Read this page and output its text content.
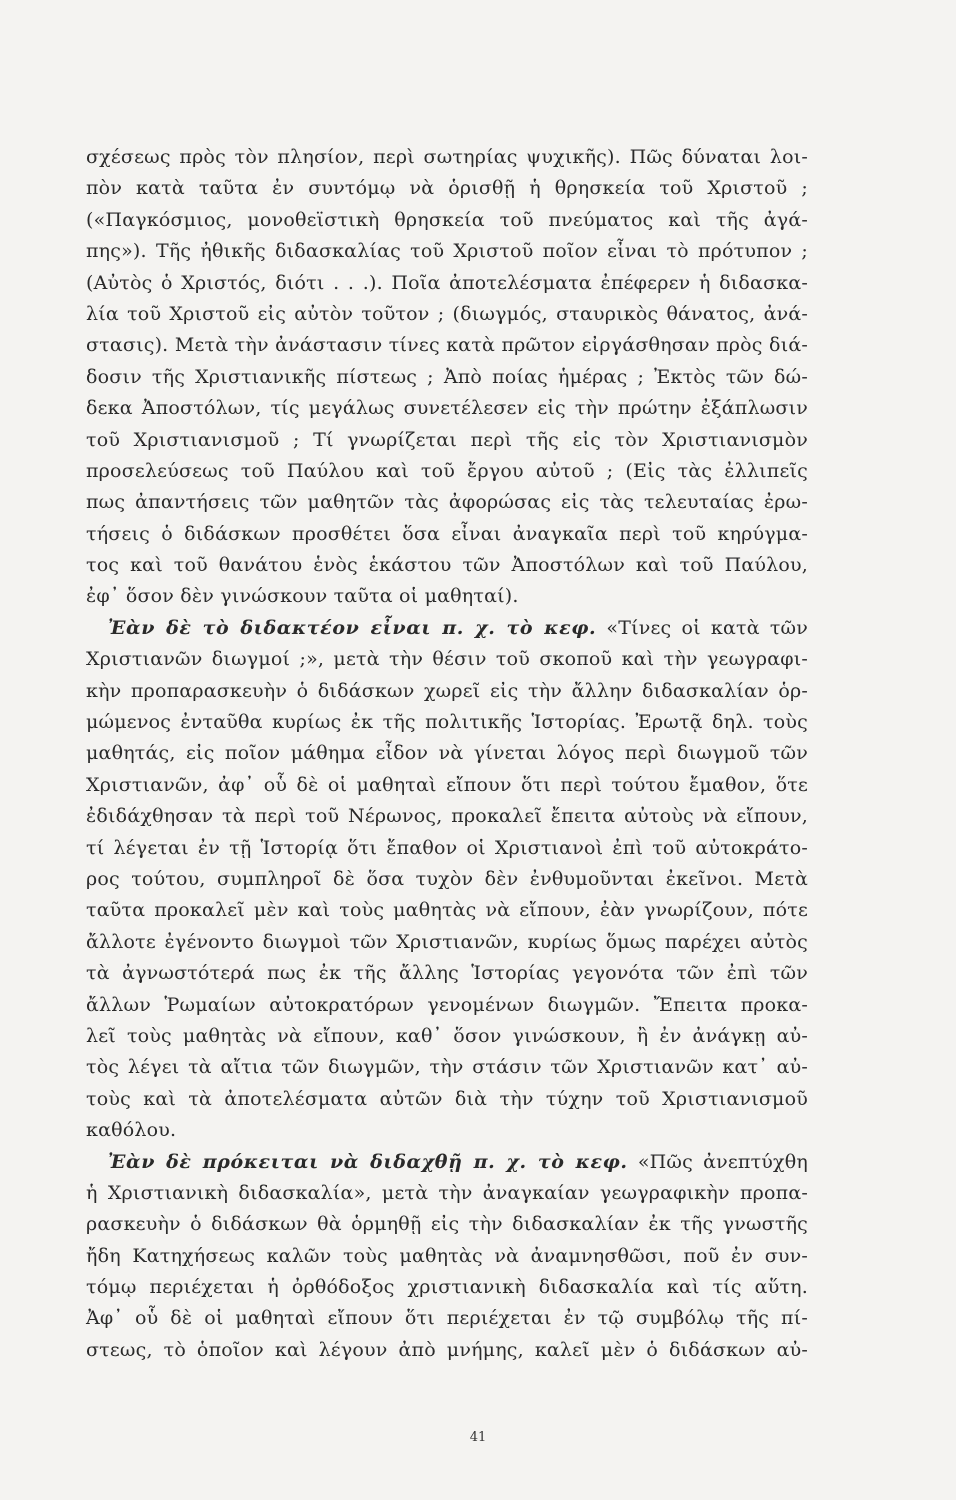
σχέσεως πρὸς τὸν πλησίον, περὶ σωτηρίας ψυχικῆς). Πῶς δύναται λοι-
πὸν κατὰ ταῦτα ἐν συντόμῳ νὰ ὁρισθῇ ἡ θρησκεία τοῦ Χριστοῦ ;
(«Παγκόσμιος, μονοθεϊστικὴ θρησκεία τοῦ πνεύματος καὶ τῆς ἀγά-
πης»). Τῆς ἠθικῆς διδασκαλίας τοῦ Χριστοῦ ποῖον εἶναι τὸ πρότυπον ;
(Αὐτὸς ὁ Χριστός, διότι . . .). Ποῖα ἀποτελέσματα ἐπέφερεν ἡ διδασκα-
λία τοῦ Χριστοῦ εἰς αὐτὸν τοῦτον ; (διωγμός, σταυρικὸς θάνατος, ἀνά-
στασις). Μετὰ τὴν ἀνάστασιν τίνες κατὰ πρῶτον εἰργάσθησαν πρὸς διά-
δοσιν τῆς Χριστιανικῆς πίστεως ; Ἀπὸ ποίας ἡμέρας ; Ἐκτὸς τῶν δώ-
δεκα Ἀποστόλων, τίς μεγάλως συνετέλεσεν εἰς τὴν πρώτην ἐξάπλωσιν
τοῦ Χριστιανισμοῦ ; Τί γνωρίζεται περὶ τῆς εἰς τὸν Χριστιανισμὸν
προσελεύσεως τοῦ Παύλου καὶ τοῦ ἔργου αὐτοῦ ; (Εἰς τὰς ἐλλιπεῖς
πως ἀπαντήσεις τῶν μαθητῶν τὰς ἀφορώσας εἰς τὰς τελευταίας ἐρω-
τήσεις ὁ διδάσκων προσθέτει ὅσα εἶναι ἀναγκαῖα περὶ τοῦ κηρύγμα-
τος καὶ τοῦ θανάτου ἑνὸς ἑκάστου τῶν Ἀποστόλων καὶ τοῦ Παύλου,
ἐφ᾽ ὅσον δὲν γινώσκουν ταῦτα οἱ μαθηταί).
Ἐὰν δὲ τὸ διδακτέον εἶναι π. χ. τὸ κεφ. «Τίνες οἱ κατὰ τῶν
Χριστιανῶν διωγμοί ;», μετὰ τὴν θέσιν τοῦ σκοποῦ καὶ τὴν γεωγραφι-
κὴν προπαρασκευὴν ὁ διδάσκων χωρεῖ εἰς τὴν ἄλλην διδασκαλίαν ὁρ-
μώμενος ἐνταῦθα κυρίως ἐκ τῆς πολιτικῆς Ἱστορίας. Ἐρωτᾷ δηλ. τοὺς
μαθητάς, εἰς ποῖον μάθημα εἶδον νὰ γίνεται λόγος περὶ διωγμοῦ τῶν
Χριστιανῶν, ἀφ᾽ οὗ δὲ οἱ μαθηταὶ εἴπουν ὅτι περὶ τούτου ἔμαθον, ὅτε
ἐδιδάχθησαν τὰ περὶ τοῦ Νέρωνος, προκαλεῖ ἔπειτα αὐτοὺς νὰ εἴπουν,
τί λέγεται ἐν τῇ Ἱστορίᾳ ὅτι ἔπαθον οἱ Χριστιανοὶ ἐπὶ τοῦ αὐτοκράτο-
ρος τούτου, συμπληροῖ δὲ ὅσα τυχὸν δὲν ἐνθυμοῦνται ἐκεῖνοι. Μετὰ
ταῦτα προκαλεῖ μὲν καὶ τοὺς μαθητὰς νὰ εἴπουν, ἐὰν γνωρίζουν, πότε
ἄλλοτε ἐγένοντο διωγμοὶ τῶν Χριστιανῶν, κυρίως ὅμως παρέχει αὐτὸς
τὰ ἀγνωστότερά πως ἐκ τῆς ἄλλης Ἱστορίας γεγονότα τῶν ἐπὶ τῶν
ἄλλων Ῥωμαίων αὐτοκρατόρων γενομένων διωγμῶν. Ἔπειτα προκα-
λεῖ τοὺς μαθητὰς νὰ εἴπουν, καθ᾽ ὅσον γινώσκουν, ἢ ἐν ἀνάγκῃ αὐ-
τὸς λέγει τὰ αἴτια τῶν διωγμῶν, τὴν στάσιν τῶν Χριστιανῶν κατ᾽ αὐ-
τοὺς καὶ τὰ ἀποτελέσματα αὐτῶν διὰ τὴν τύχην τοῦ Χριστιανισμοῦ
καθόλου.
Ἐὰν δὲ πρόκειται νὰ διδαχθῇ π. χ. τὸ κεφ. «Πῶς ἀνεπτύχθη
ἡ Χριστιανικὴ διδασκαλία», μετὰ τὴν ἀναγκαίαν γεωγραφικὴν προπα-
ρασκευὴν ὁ διδάσκων θὰ ὁρμηθῇ εἰς τὴν διδασκαλίαν ἐκ τῆς γνωστῆς
ἤδη Κατηχήσεως καλῶν τοὺς μαθητὰς νὰ ἀναμνησθῶσι, ποῦ ἐν συν-
τόμῳ περιέχεται ἡ ὀρθόδοξος χριστιανικὴ διδασκαλία καὶ τίς αὕτη.
Ἀφ᾽ οὗ δὲ οἱ μαθηταὶ εἴπουν ὅτι περιέχεται ἐν τῷ συμβόλῳ τῆς πί-
στεως, τὸ ὁποῖον καὶ λέγουν ἀπὸ μνήμης, καλεῖ μὲν ὁ διδάσκων αὐ-
41
